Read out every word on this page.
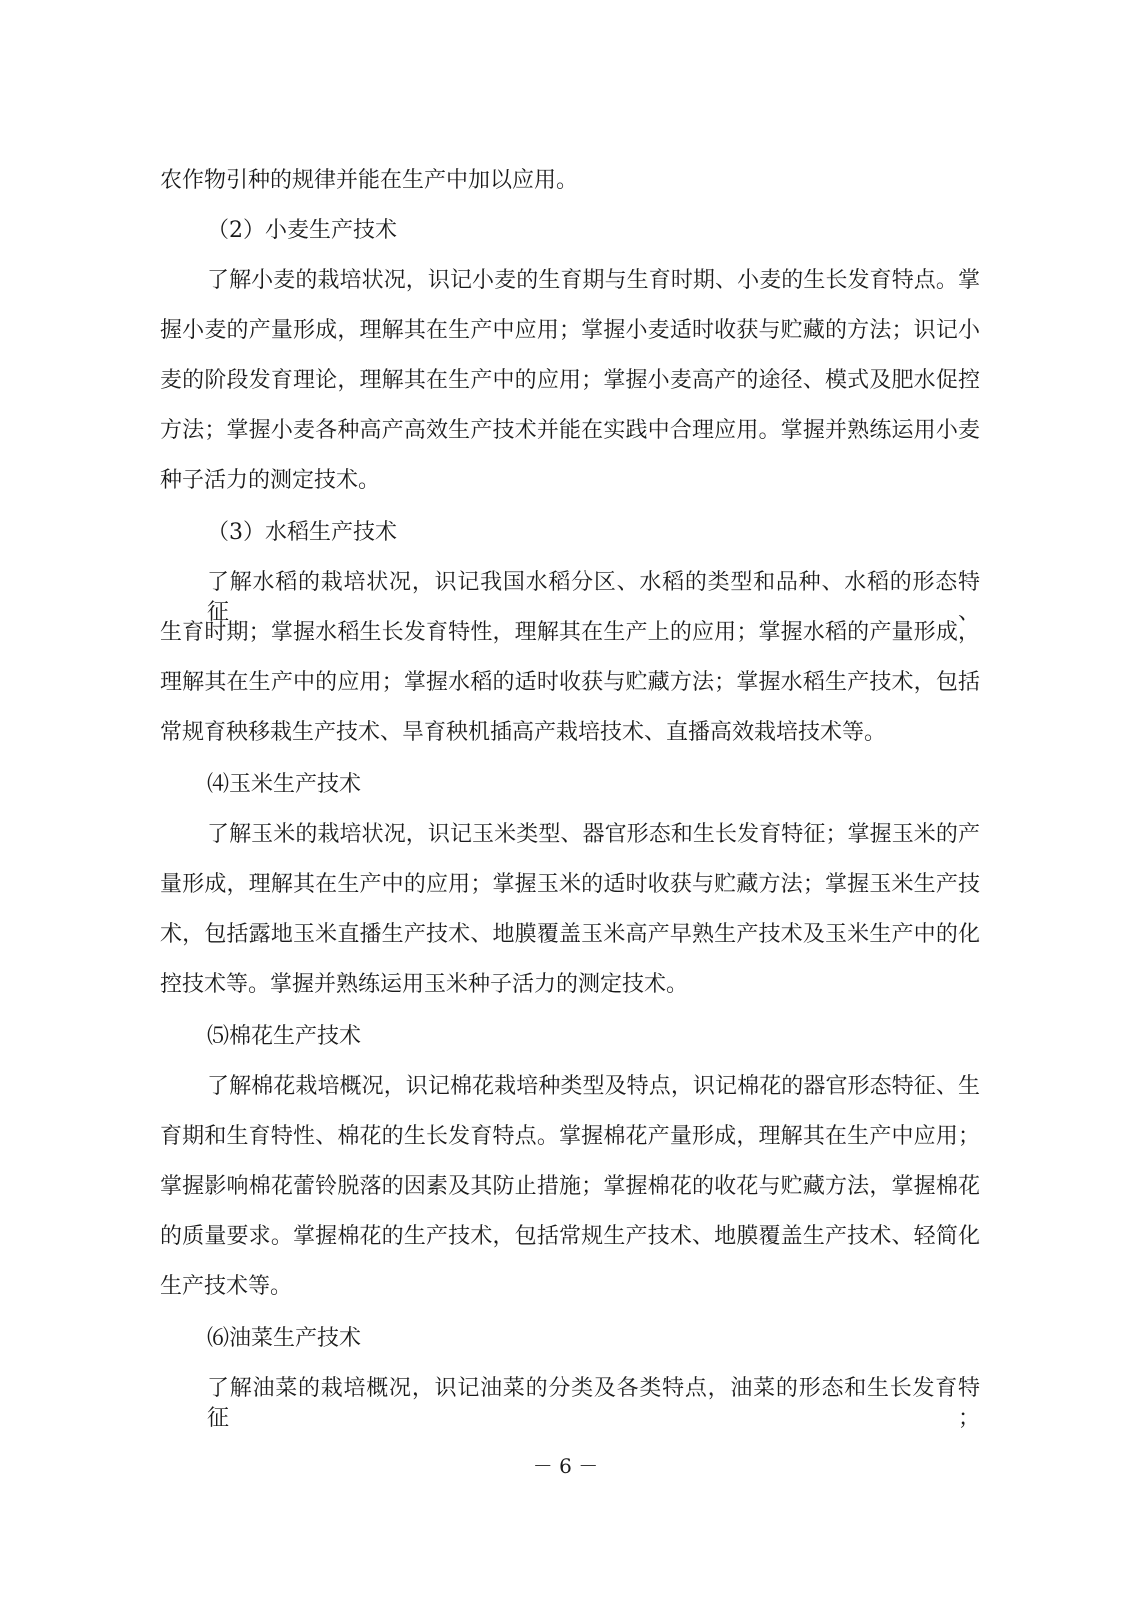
农作物引种的规律并能在生产中加以应用。
（2）小麦生产技术
了解小麦的栽培状况，识记小麦的生育期与生育时期、小麦的生长发育特点。掌
握小麦的产量形成，理解其在生产中应用；掌握小麦适时收获与贮藏的方法；识记小
麦的阶段发育理论，理解其在生产中的应用；掌握小麦高产的途径、模式及肥水促控
方法；掌握小麦各种高产高效生产技术并能在实践中合理应用。掌握并熟练运用小麦
种子活力的测定技术。
（3）水稻生产技术
了解水稻的栽培状况，识记我国水稻分区、水稻的类型和品种、水稻的形态特征、
生育时期；掌握水稻生长发育特性，理解其在生产上的应用；掌握水稻的产量形成，
理解其在生产中的应用；掌握水稻的适时收获与贮藏方法；掌握水稻生产技术，包括
常规育秧移栽生产技术、旱育秧机插高产栽培技术、直播高效栽培技术等。
⑷玉米生产技术
了解玉米的栽培状况，识记玉米类型、器官形态和生长发育特征；掌握玉米的产
量形成，理解其在生产中的应用；掌握玉米的适时收获与贮藏方法；掌握玉米生产技
术，包括露地玉米直播生产技术、地膜覆盖玉米高产早熟生产技术及玉米生产中的化
控技术等。掌握并熟练运用玉米种子活力的测定技术。
⑸棉花生产技术
了解棉花栽培概况，识记棉花栽培种类型及特点，识记棉花的器官形态特征、生
育期和生育特性、棉花的生长发育特点。掌握棉花产量形成，理解其在生产中应用；
掌握影响棉花蕾铃脱落的因素及其防止措施；掌握棉花的收花与贮藏方法，掌握棉花
的质量要求。掌握棉花的生产技术，包括常规生产技术、地膜覆盖生产技术、轻简化
生产技术等。
⑹油菜生产技术
了解油菜的栽培概况，识记油菜的分类及各类特点，油菜的形态和生长发育特征；
－ 6 －
